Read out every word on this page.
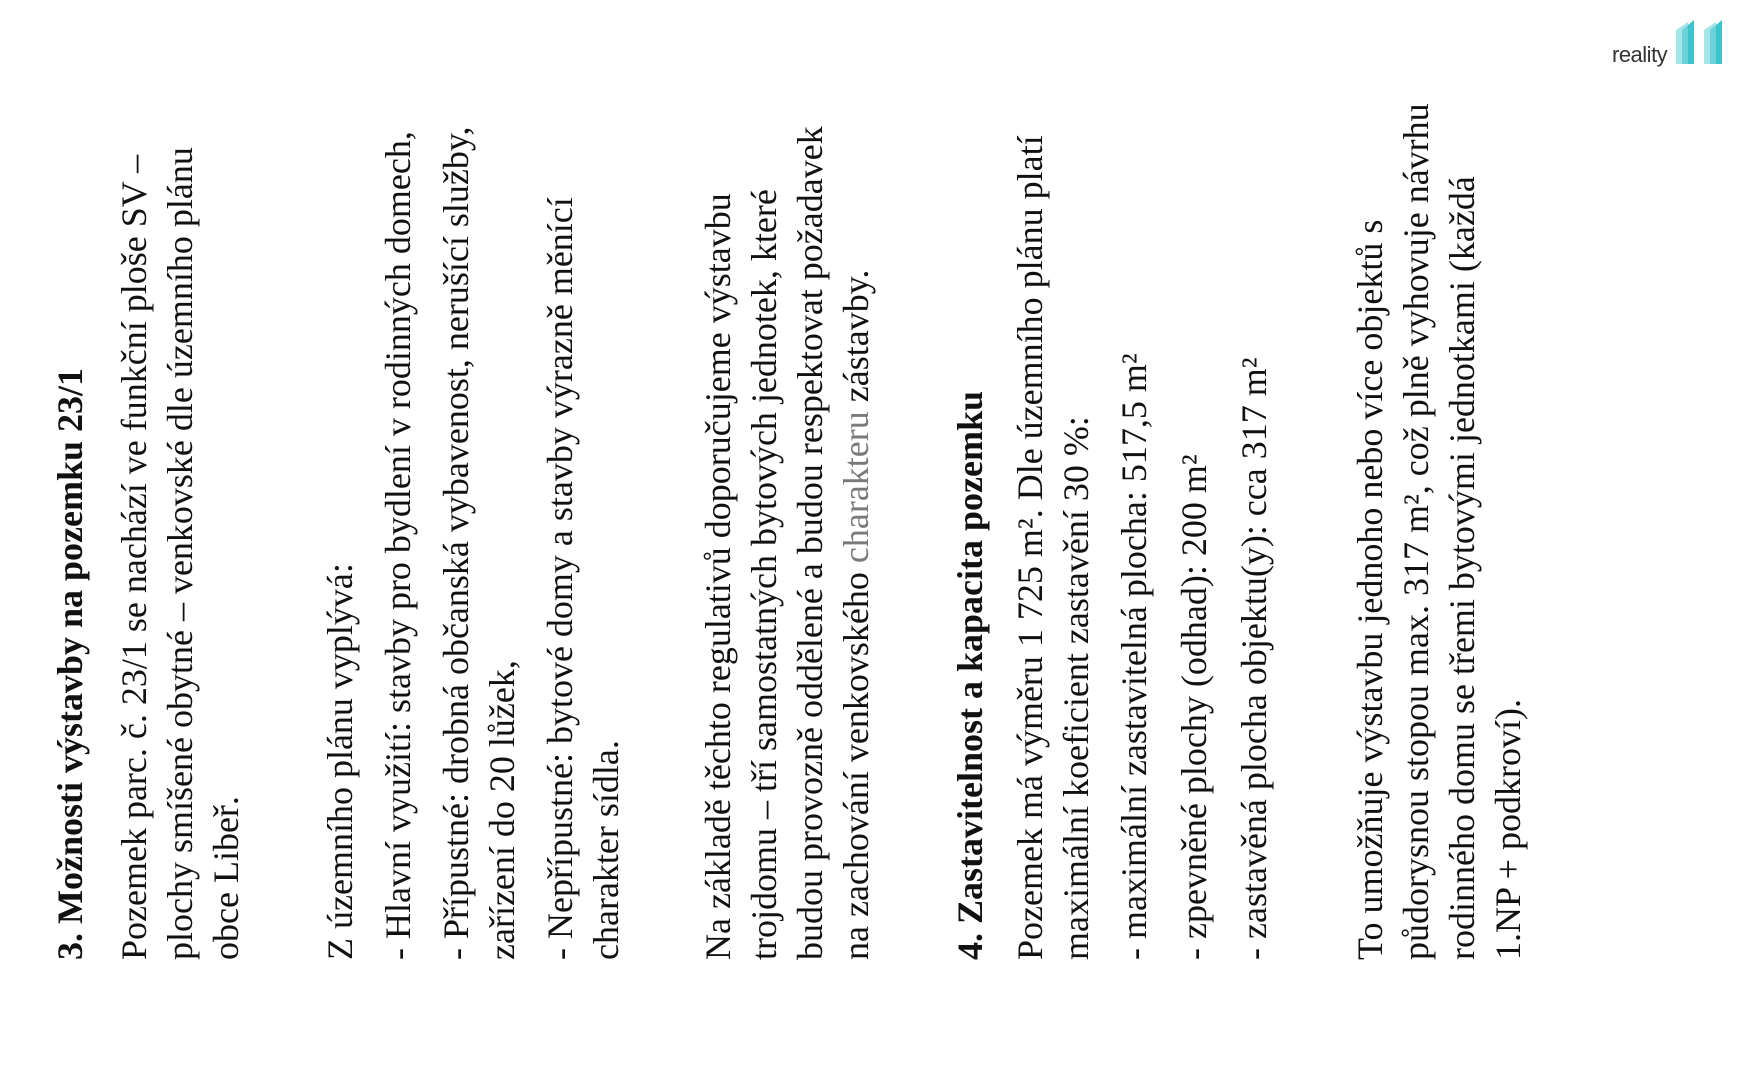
reality
3. Možnosti výstavby na pozemku 23/1 Pozemek parc. č. 23/1 se nachází ve funkční ploše SV – plochy smíšené obytné – venkovské dle územního plánu obce Libeř. Z územního plánu vyplývá: - Hlavní využití: stavby pro bydlení v rodinných domech, - Přípustné: drobná občanská vybavenost, nerušící služby, zařízení do 20 lůžek, - Nepřípustné: bytové domy a stavby výrazně měnící charakter sídla. Na základě těchto regulativů doporučujeme výstavbu trojdomu – tří samostatných bytových jednotek, které budou provozně oddělené a budou respektovat požadavek na zachování venkovského charakteru zástavby.
4. Zastavitelnost a kapacita pozemku Pozemek má výměru 1 725 m². Dle územního plánu platí maximální koeficient zastavění 30 %: - maximální zastavitelná plocha: 517,5 m² - zpevněné plochy (odhad): 200 m² - zastavěná plocha objektu(y): cca 317 m² To umožňuje výstavbu jednoho nebo více objektů s půdorysnou stopou max. 317 m², což plně vyhovuje návrhu rodinného domu se třemi bytovými jednotkami (každá 1.NP + podkroví).
